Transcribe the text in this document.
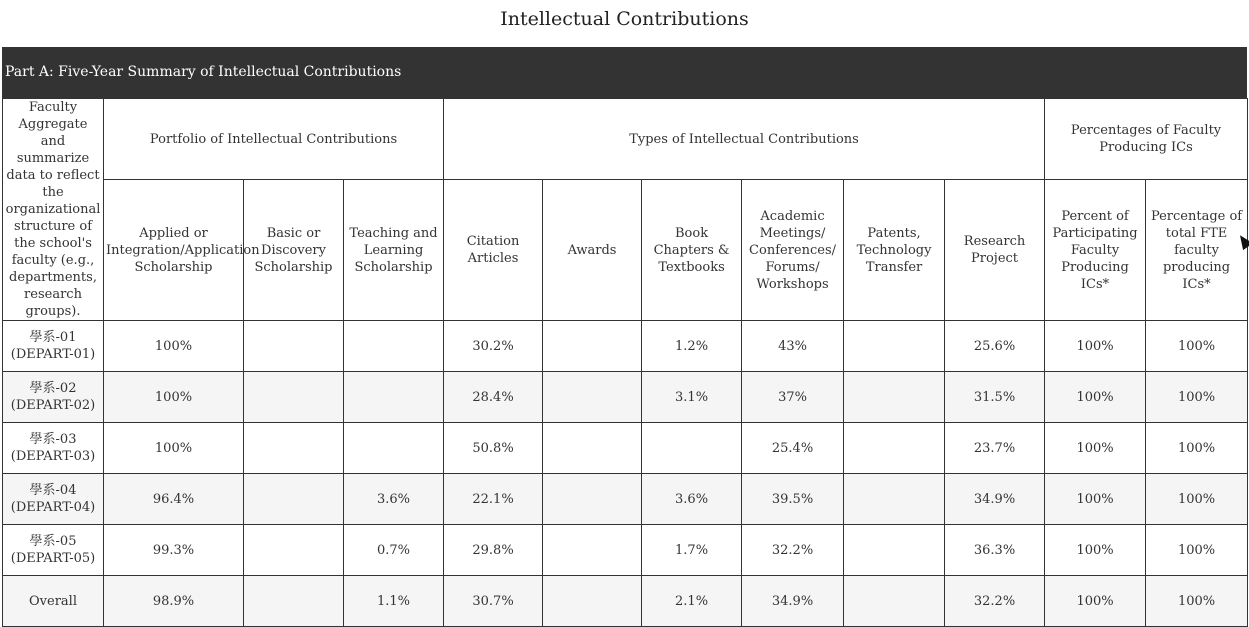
Intellectual Contributions
Part A: Five-Year Summary of Intellectual Contributions
Faculty Aggregate and summarize data to reflect the organizational structure of the school's faculty (e.g., departments, research groups).	Portfolio of Intellectual Contributions			Types of Intellectual Contributions						Percentages of Faculty Producing ICs	
	Applied or Integration/Application Scholarship	Basic or Discovery Scholarship	Teaching and Learning Scholarship	Citation Articles	Awards	Book Chapters & Textbooks	Academic Meetings/ Conferences/ Forums/ Workshops	Patents, Technology Transfer	Research Project	Percent of Participating Faculty Producing ICs*	Percentage of total FTE faculty producing ICs*
學系-01
(DEPART-01)	100%			30.2%		1.2%	43%		25.6%	100%	100%
學系-02
(DEPART-02)	100%			28.4%		3.1%	37%		31.5%	100%	100%
學系-03
(DEPART-03)	100%			50.8%			25.4%		23.7%	100%	100%
學系-04
(DEPART-04)	96.4%		3.6%	22.1%		3.6%	39.5%		34.9%	100%	100%
學系-05
(DEPART-05)	99.3%		0.7%	29.8%		1.7%	32.2%		36.3%	100%	100%
Overall	98.9%		1.1%	30.7%		2.1%	34.9%		32.2%	100%	100%
